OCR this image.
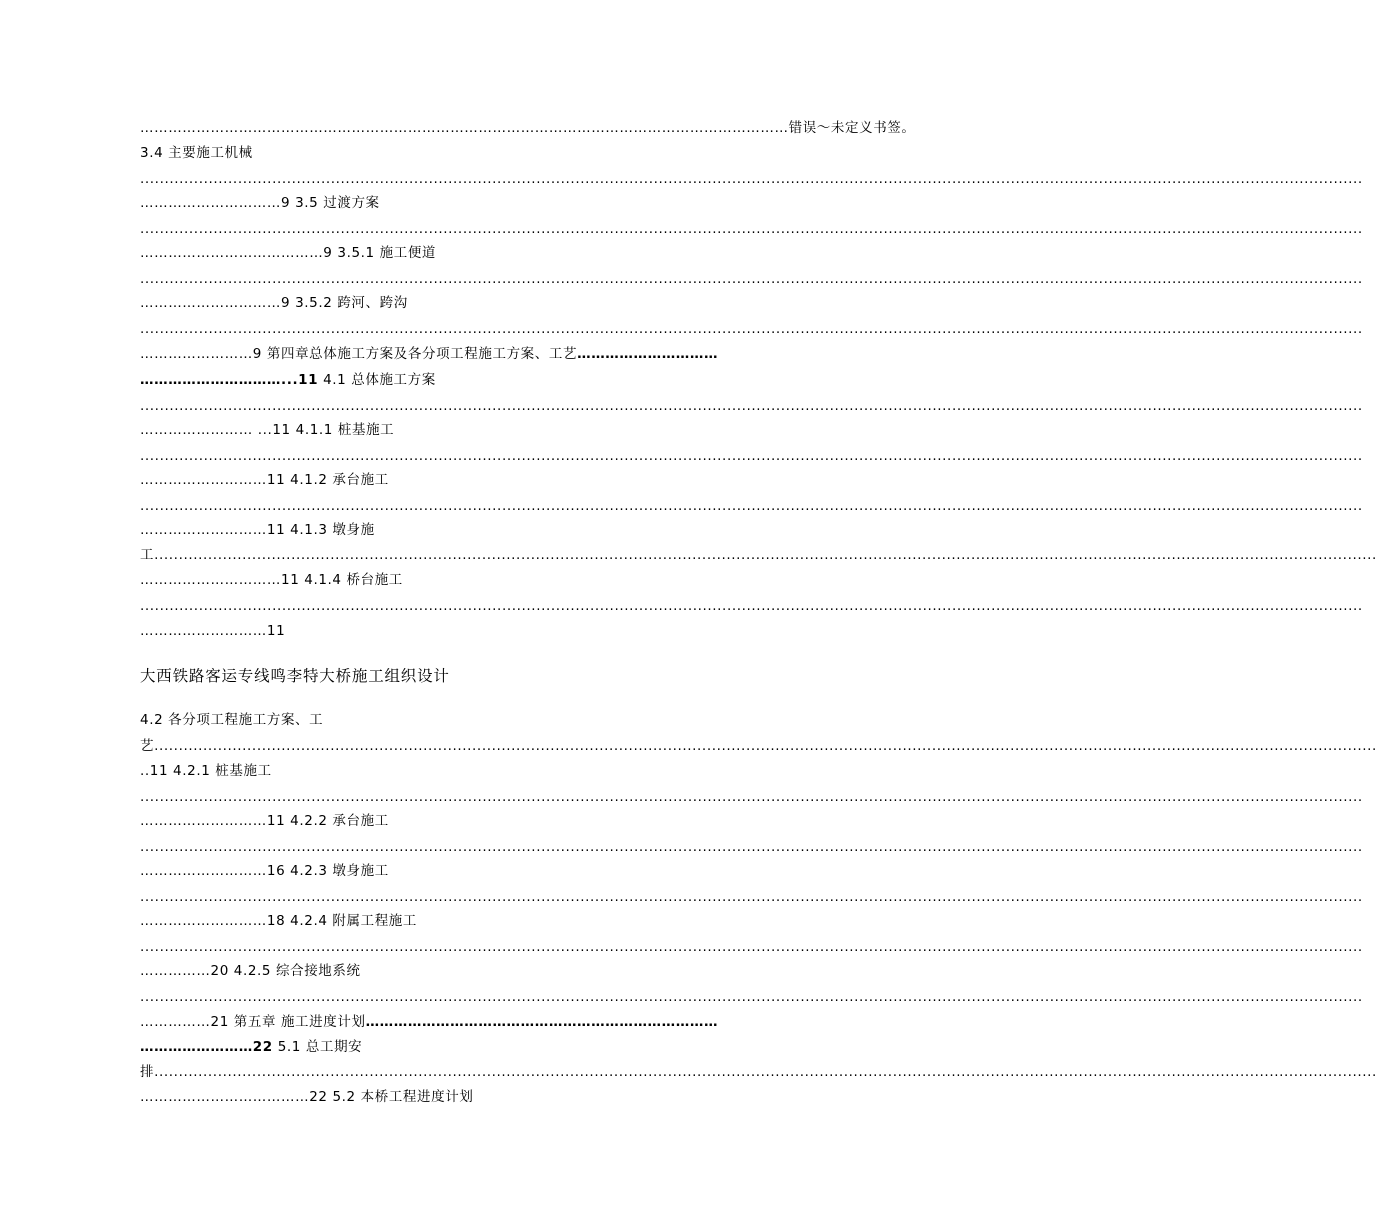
…………………………………………………………………………………………………………………………错误～未定义书签。
3.4 主要施工机械
.....
…………………………9 3.5 过渡方案
.....
…………………………………9 3.5.1 施工便道
.....
…………………………9 3.5.2 跨河、跨沟
.....
……………………9 第四章总体施工方案及各分项工程施工方案、工艺…………………………
…………………………...11 4.1 总体施工方案
.....
…………………… ...11 4.1.1 桩基施工
.....
………………………11 4.1.2 承台施工
.....
………………………11 4.1.3 墩身施
工 .....
…………………………11 4.1.4 桥台施工
.....
………………………11
大西铁路客运专线鸣李特大桥施工组织设计
4.2 各分项工程施工方案、工
艺 .....
..11 4.2.1 桩基施工
.....
………………………11 4.2.2 承台施工
.....
………………………16 4.2.3 墩身施工
.....
………………………18 4.2.4 附属工程施工
.....
……………20 4.2.5 综合接地系统
.....
……………21 第五章 施工进度计划…………………………………………………………………
……………………22 5.1 总工期安
排 .....
………………………………22 5.2 本桥工程进度计划
